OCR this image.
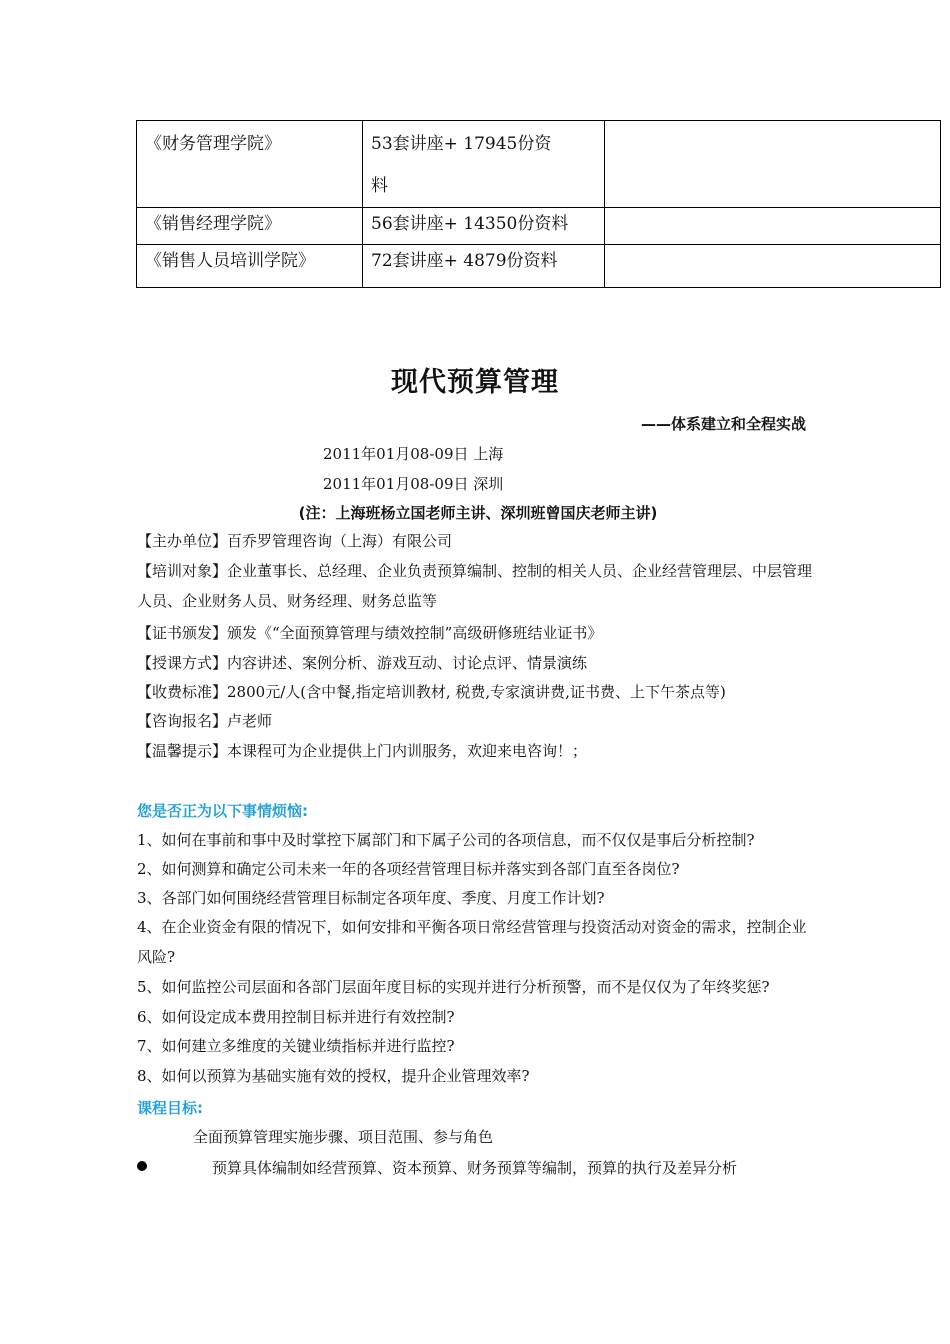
《财务管理学院》	53套讲座+ 17945份资
料	
《销售经理学院》	56套讲座+ 14350份资料	
《销售人员培训学院》	72套讲座+ 4879份资料	
现代预算管理
——体系建立和全程实战
2011年01月08-09日 上海
2011年01月08-09日 深圳
(注：上海班杨立国老师主讲、深圳班曾国庆老师主讲)
【主办单位】百乔罗管理咨询（上海）有限公司
【培训对象】企业董事长、总经理、企业负责预算编制、控制的相关人员、企业经营管理层、中层管理人员、企业财务人员、财务经理、财务总监等
【证书颁发】颁发《“全面预算管理与绩效控制”高级研修班结业证书》
【授课方式】内容讲述、案例分析、游戏互动、讨论点评、情景演练
【收费标准】2800元/人(含中餐,指定培训教材, 税费,专家演讲费,证书费、上下午茶点等)
【咨询报名】卢老师
【温馨提示】本课程可为企业提供上门内训服务，欢迎来电咨询！；
您是否正为以下事情烦恼:
1、如何在事前和事中及时掌控下属部门和下属子公司的各项信息，而不仅仅是事后分析控制?
2、如何测算和确定公司未来一年的各项经营管理目标并落实到各部门直至各岗位?
3、各部门如何围绕经营管理目标制定各项年度、季度、月度工作计划?
4、在企业资金有限的情况下，如何安排和平衡各项日常经营管理与投资活动对资金的需求，控制企业风险?
5、如何监控公司层面和各部门层面年度目标的实现并进行分析预警，而不是仅仅为了年终奖惩?
6、如何设定成本费用控制目标并进行有效控制?
7、如何建立多维度的关键业绩指标并进行监控?
8、如何以预算为基础实施有效的授权，提升企业管理效率?
课程目标:
全面预算管理实施步骤、项目范围、参与角色
预算具体编制如经营预算、资本预算、财务预算等编制，预算的执行及差异分析
